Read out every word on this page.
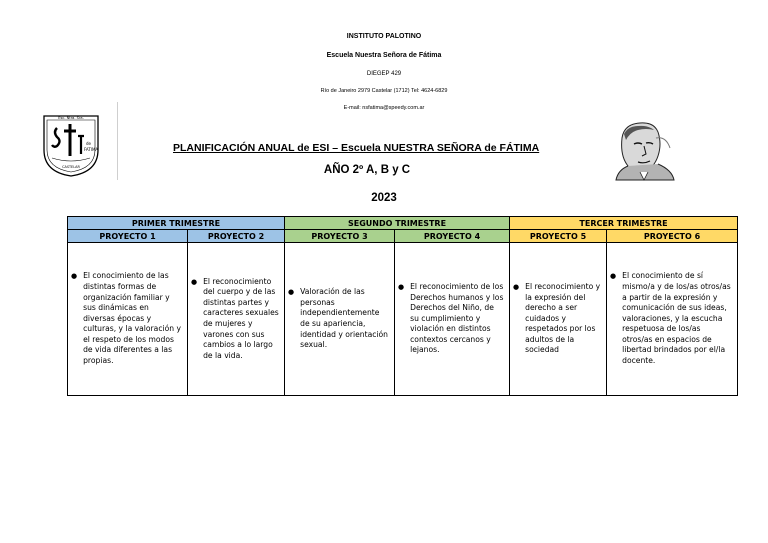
INSTITUTO PALOTINO
Escuela Nuestra Señora de Fátima
DIEGEP 429
Río de Janeiro 2979 Castelar (1712) Tel: 4624-6829
E-mail: nsfatima@speedy.com.ar
Esc. Ntra. Sra.
de
FATIMA
CASTELAR
PLANIFICACIÓN ANUAL de ESI – Escuela NUESTRA SEÑORA de FÁTIMA
AÑO 2º A, B y C
2023
PRIMER TRIMESTRE		SEGUNDO TRIMESTRE		TERCER TRIMESTRE	
PROYECTO 1	PROYECTO 2	PROYECTO 3	PROYECTO 4	PROYECTO 5	PROYECTO 6

● El conocimiento de las distintas formas de organización familiar y sus dinámicas en diversas épocas y culturas, y la valoración y el respeto de los modos de vida diferentes a las propias.	● El reconocimiento del cuerpo y de las distintas partes y caracteres sexuales de mujeres y varones con sus cambios a lo largo de la vida.	● Valoración de las personas independientemente de su apariencia, identidad y orientación sexual.	● El reconocimiento de los Derechos humanos y los Derechos del Niño, de su cumplimiento y violación en distintos contextos cercanos y lejanos.	● El reconocimiento y la expresión del derecho a ser cuidados y respetados por los adultos de la sociedad	● El conocimiento de sí mismo/a y de los/as otros/as a partir de la expresión y comunicación de sus ideas, valoraciones, y la escucha respetuosa de los/as otros/as en espacios de libertad brindados por el/la docente.
